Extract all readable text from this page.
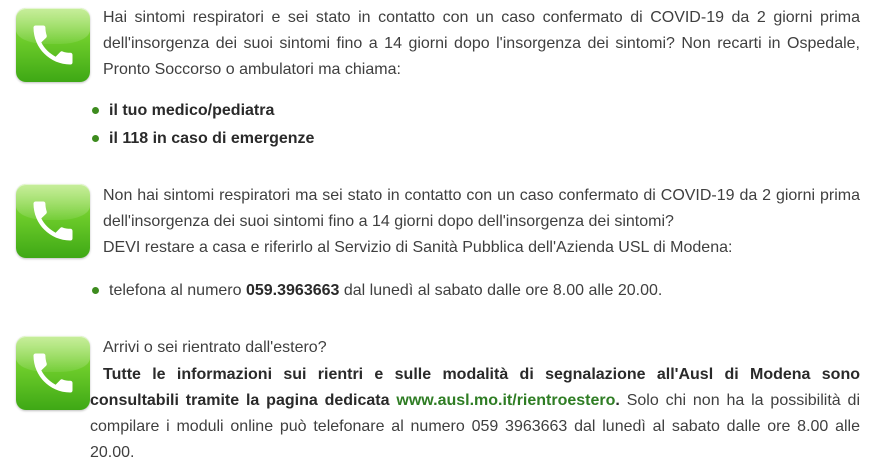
Hai sintomi respiratori e sei stato in contatto con un caso confermato di COVID-19 da 2 giorni prima dell'insorgenza dei suoi sintomi fino a 14 giorni dopo l'insorgenza dei sintomi? Non recarti in Ospedale, Pronto Soccorso o ambulatori ma chiama:

il tuo medico/pediatra
il 118 in caso di emergenze

Non hai sintomi respiratori ma sei stato in contatto con un caso confermato di COVID-19 da 2 giorni prima dell'insorgenza dei suoi sintomi fino a 14 giorni dopo dell'insorgenza dei sintomi?
DEVI restare a casa e riferirlo al Servizio di Sanità Pubblica dell'Azienda USL di Modena:

telefona al numero 059.3963663 dal lunedì al sabato dalle ore 8.00 alle 20.00.

Arrivi o sei rientrato dall'estero?

Tutte le informazioni sui rientri e sulle modalità di segnalazione all'Ausl di Modena sono consultabili tramite la pagina dedicata www.ausl.mo.it/rientroestero. Solo chi non ha la possibilità di compilare i moduli online può telefonare al numero 059 3963663 dal lunedì al sabato dalle ore 8.00 alle 20.00.
